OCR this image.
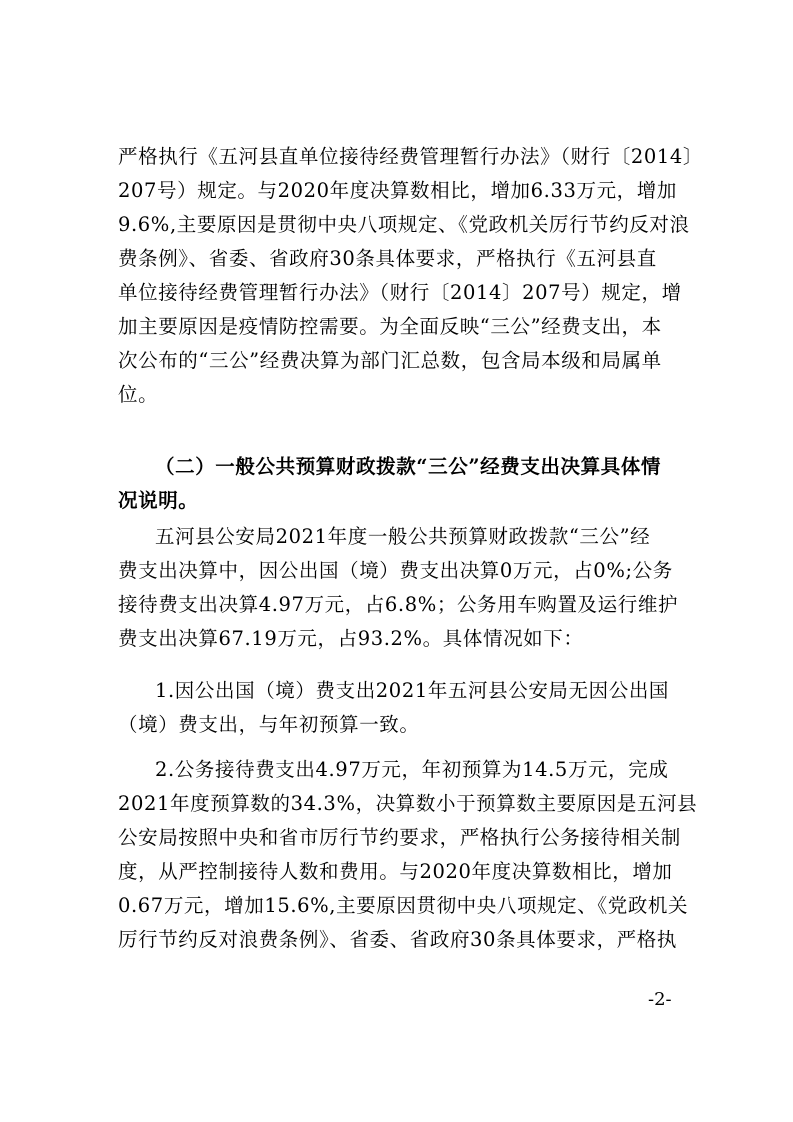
严格执行《五河县直单位接待经费管理暂行办法》（财行〔2014〕
207号）规定。与2020年度决算数相比，增加6.33万元，增加
9.6%,主要原因是贯彻中央八项规定、《党政机关厉行节约反对浪
费条例》、省委、省政府30条具体要求，严格执行《五河县直
单位接待经费管理暂行办法》（财行〔2014〕207号）规定，增
加主要原因是疫情防控需要。为全面反映“三公”经费支出，本
次公布的“三公”经费决算为部门汇总数，包含局本级和局属单
位。
（二）一般公共预算财政拨款“三公”经费支出决算具体情
况说明。
五河县公安局2021年度一般公共预算财政拨款“三公”经
费支出决算中，因公出国（境）费支出决算0万元，占0%;公务
接待费支出决算4.97万元，占6.8%；公务用车购置及运行维护
费支出决算67.19万元，占93.2%。具体情况如下：
1.因公出国（境）费支出2021年五河县公安局无因公出国
（境）费支出，与年初预算一致。
2.公务接待费支出4.97万元，年初预算为14.5万元，完成
2021年度预算数的34.3%，决算数小于预算数主要原因是五河县
公安局按照中央和省市厉行节约要求，严格执行公务接待相关制
度，从严控制接待人数和费用。与2020年度决算数相比，增加
0.67万元，增加15.6%,主要原因贯彻中央八项规定、《党政机关
厉行节约反对浪费条例》、省委、省政府30条具体要求，严格执
-2-
